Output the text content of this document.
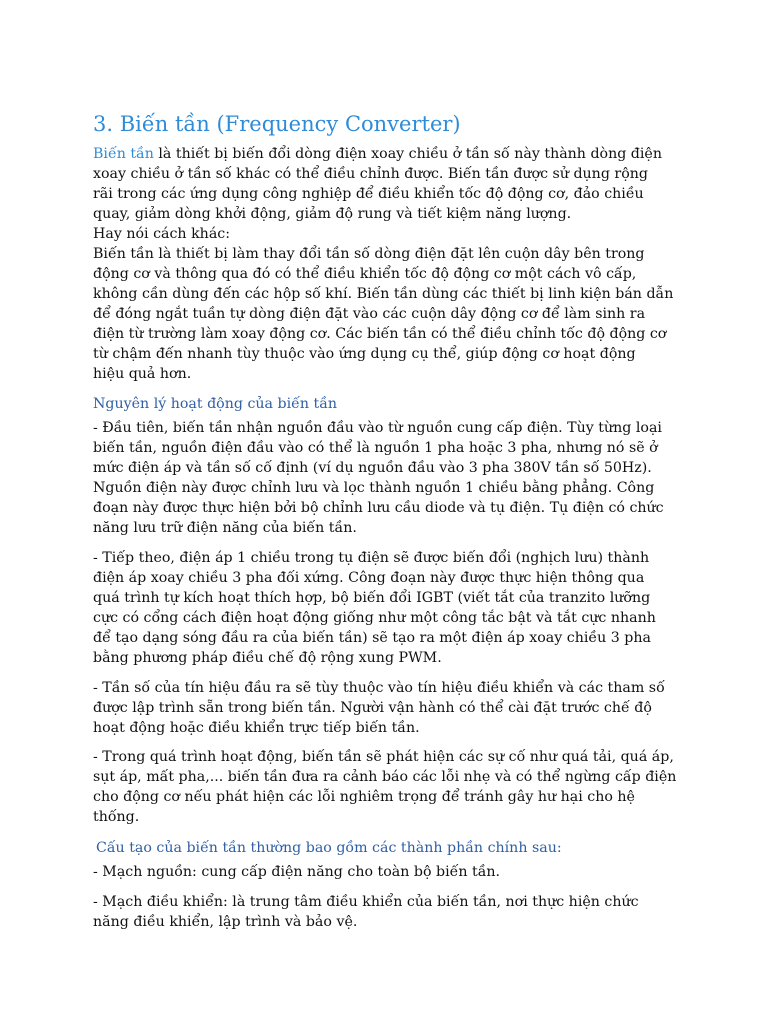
3. Biến tần (Frequency Converter)
Biến tần là thiết bị biến đổi dòng điện xoay chiều ở tần số này thành dòng điện
xoay chiều ở tần số khác có thể điều chỉnh được. Biến tần được sử dụng rộng
rãi trong các ứng dụng công nghiệp để điều khiển tốc độ động cơ, đảo chiều
quay, giảm dòng khởi động, giảm độ rung và tiết kiệm năng lượng.
Hay nói cách khác:
Biến tần là thiết bị làm thay đổi tần số dòng điện đặt lên cuộn dây bên trong
động cơ và thông qua đó có thể điều khiển tốc độ động cơ một cách vô cấp,
không cần dùng đến các hộp số khí. Biến tần dùng các thiết bị linh kiện bán dẫn
để đóng ngắt tuần tự dòng điện đặt vào các cuộn dây động cơ để làm sinh ra
điện từ trường làm xoay động cơ. Các biến tần có thể điều chỉnh tốc độ động cơ
từ chậm đến nhanh tùy thuộc vào ứng dụng cụ thể, giúp động cơ hoạt động
hiệu quả hơn.
Nguyên lý hoạt động của biến tần
- Đầu tiên, biến tần nhận nguồn đầu vào từ nguồn cung cấp điện. Tùy từng loại
biến tần, nguồn điện đầu vào có thể là nguồn 1 pha hoặc 3 pha, nhưng nó sẽ ở
mức điện áp và tần số cố định (ví dụ nguồn đầu vào 3 pha 380V tần số 50Hz).
Nguồn điện này được chỉnh lưu và lọc thành nguồn 1 chiều bằng phẳng. Công
đoạn này được thực hiện bởi bộ chỉnh lưu cầu diode và tụ điện. Tụ điện có chức
năng lưu trữ điện năng của biến tần.
- Tiếp theo, điện áp 1 chiều trong tụ điện sẽ được biến đổi (nghịch lưu) thành
điện áp xoay chiều 3 pha đối xứng. Công đoạn này được thực hiện thông qua
quá trình tự kích hoạt thích hợp, bộ biến đổi IGBT (viết tắt của tranzito lưỡng
cực có cổng cách điện hoạt động giống như một công tắc bật và tắt cực nhanh
để tạo dạng sóng đầu ra của biến tần) sẽ tạo ra một điện áp xoay chiều 3 pha
bằng phương pháp điều chế độ rộng xung PWM.
- Tần số của tín hiệu đầu ra sẽ tùy thuộc vào tín hiệu điều khiển và các tham số
được lập trình sẵn trong biến tần. Người vận hành có thể cài đặt trước chế độ
hoạt động hoặc điều khiển trực tiếp biến tần.
- Trong quá trình hoạt động, biến tần sẽ phát hiện các sự cố như quá tải, quá áp,
sụt áp, mất pha,... biến tần đưa ra cảnh báo các lỗi nhẹ và có thể ngừng cấp điện
cho động cơ nếu phát hiện các lỗi nghiêm trọng để tránh gây hư hại cho hệ
thống.
Cấu tạo của biến tần thường bao gồm các thành phần chính sau:
- Mạch nguồn: cung cấp điện năng cho toàn bộ biến tần.
- Mạch điều khiển: là trung tâm điều khiển của biến tần, nơi thực hiện chức
năng điều khiển, lập trình và bảo vệ.
